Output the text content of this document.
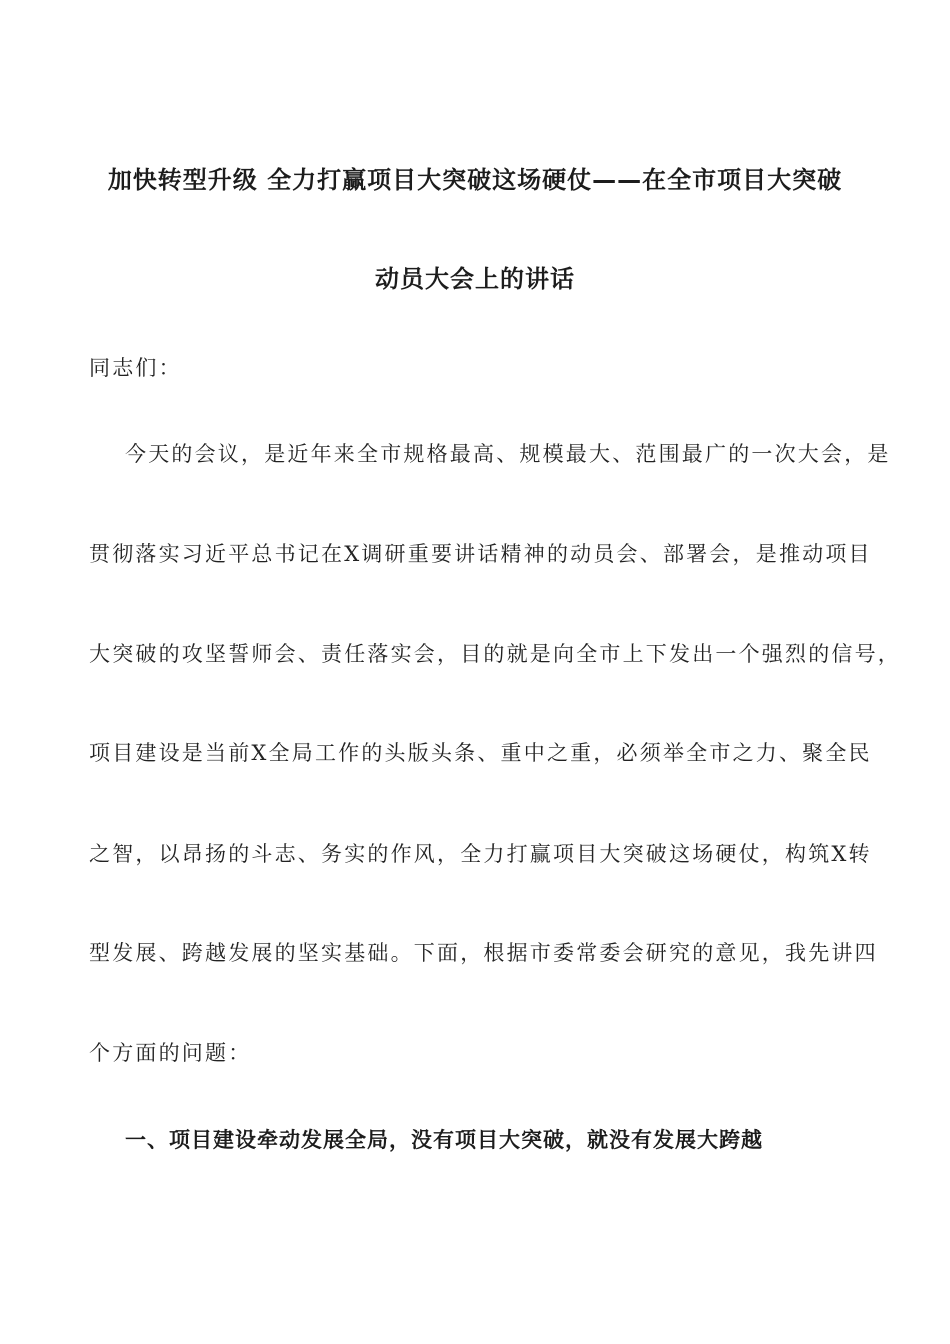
加快转型升级 全力打赢项目大突破这场硬仗——在全市项目大突破
动员大会上的讲话
同志们：
今天的会议，是近年来全市规格最高、规模最大、范围最广的一次大会，是
贯彻落实习近平总书记在X调研重要讲话精神的动员会、部署会，是推动项目
大突破的攻坚誓师会、责任落实会，目的就是向全市上下发出一个强烈的信号，
项目建设是当前X全局工作的头版头条、重中之重，必须举全市之力、聚全民
之智，以昂扬的斗志、务实的作风，全力打赢项目大突破这场硬仗，构筑X转
型发展、跨越发展的坚实基础。下面，根据市委常委会研究的意见，我先讲四
个方面的问题：
一、项目建设牵动发展全局，没有项目大突破，就没有发展大跨越
